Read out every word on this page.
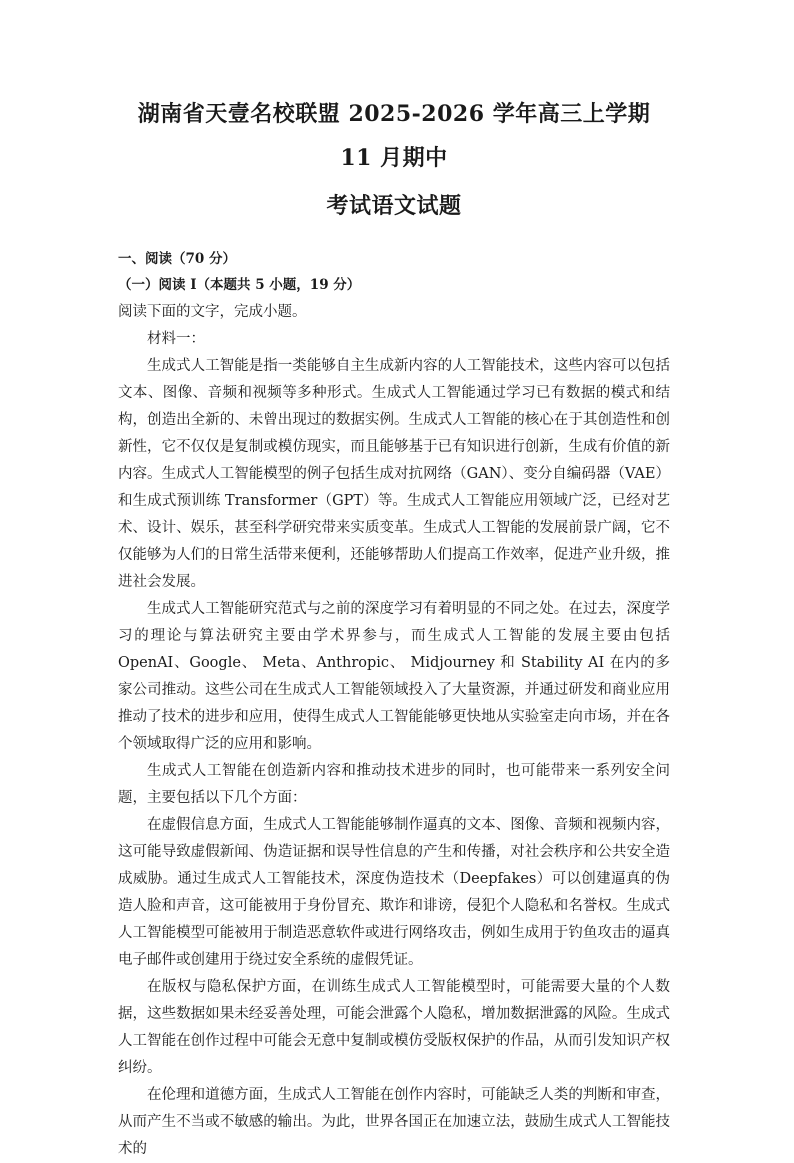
湖南省天壹名校联盟 2025-2026 学年高三上学期 11 月期中
考试语文试题
一、阅读（70 分）
（一）阅读 I（本题共 5 小题，19 分）
阅读下面的文字，完成小题。

材料一：

生成式人工智能是指一类能够自主生成新内容的人工智能技术，这些内容可以包括文本、图像、音频和视频等多种形式。生成式人工智能通过学习已有数据的模式和结构，创造出全新的、未曾出现过的数据实例。生成式人工智能的核心在于其创造性和创新性，它不仅仅是复制或模仿现实，而且能够基于已有知识进行创新，生成有价值的新内容。生成式人工智能模型的例子包括生成对抗网络（GAN）、变分自编码器（VAE）和生成式预训练 Transformer（GPT）等。生成式人工智能应用领域广泛，已经对艺术、设计、娱乐，甚至科学研究带来实质变革。生成式人工智能的发展前景广阔，它不仅能够为人们的日常生活带来便利，还能够帮助人们提高工作效率，促进产业升级，推进社会发展。

生成式人工智能研究范式与之前的深度学习有着明显的不同之处。在过去，深度学习的理论与算法研究主要由学术界参与，而生成式人工智能的发展主要由包括 OpenAI、Google、 Meta、Anthropic、 Midjourney 和 Stability AI 在内的多家公司推动。这些公司在生成式人工智能领域投入了大量资源，并通过研发和商业应用推动了技术的进步和应用，使得生成式人工智能能够更快地从实验室走向市场，并在各个领域取得广泛的应用和影响。

生成式人工智能在创造新内容和推动技术进步的同时，也可能带来一系列安全问题，主要包括以下几个方面：

在虚假信息方面，生成式人工智能能够制作逼真的文本、图像、音频和视频内容，这可能导致虚假新闻、伪造证据和误导性信息的产生和传播，对社会秩序和公共安全造成威胁。通过生成式人工智能技术，深度伪造技术（Deepfakes）可以创建逼真的伪造人脸和声音，这可能被用于身份冒充、欺诈和诽谤，侵犯个人隐私和名誉权。生成式人工智能模型可能被用于制造恶意软件或进行网络攻击，例如生成用于钓鱼攻击的逼真电子邮件或创建用于绕过安全系统的虚假凭证。

在版权与隐私保护方面，在训练生成式人工智能模型时，可能需要大量的个人数据，这些数据如果未经妥善处理，可能会泄露个人隐私，增加数据泄露的风险。生成式人工智能在创作过程中可能会无意中复制或模仿受版权保护的作品，从而引发知识产权纠纷。

在伦理和道德方面，生成式人工智能在创作内容时，可能缺乏人类的判断和审查，从而产生不当或不敏感的输出。为此，世界各国正在加速立法，鼓励生成式人工智能技术的
